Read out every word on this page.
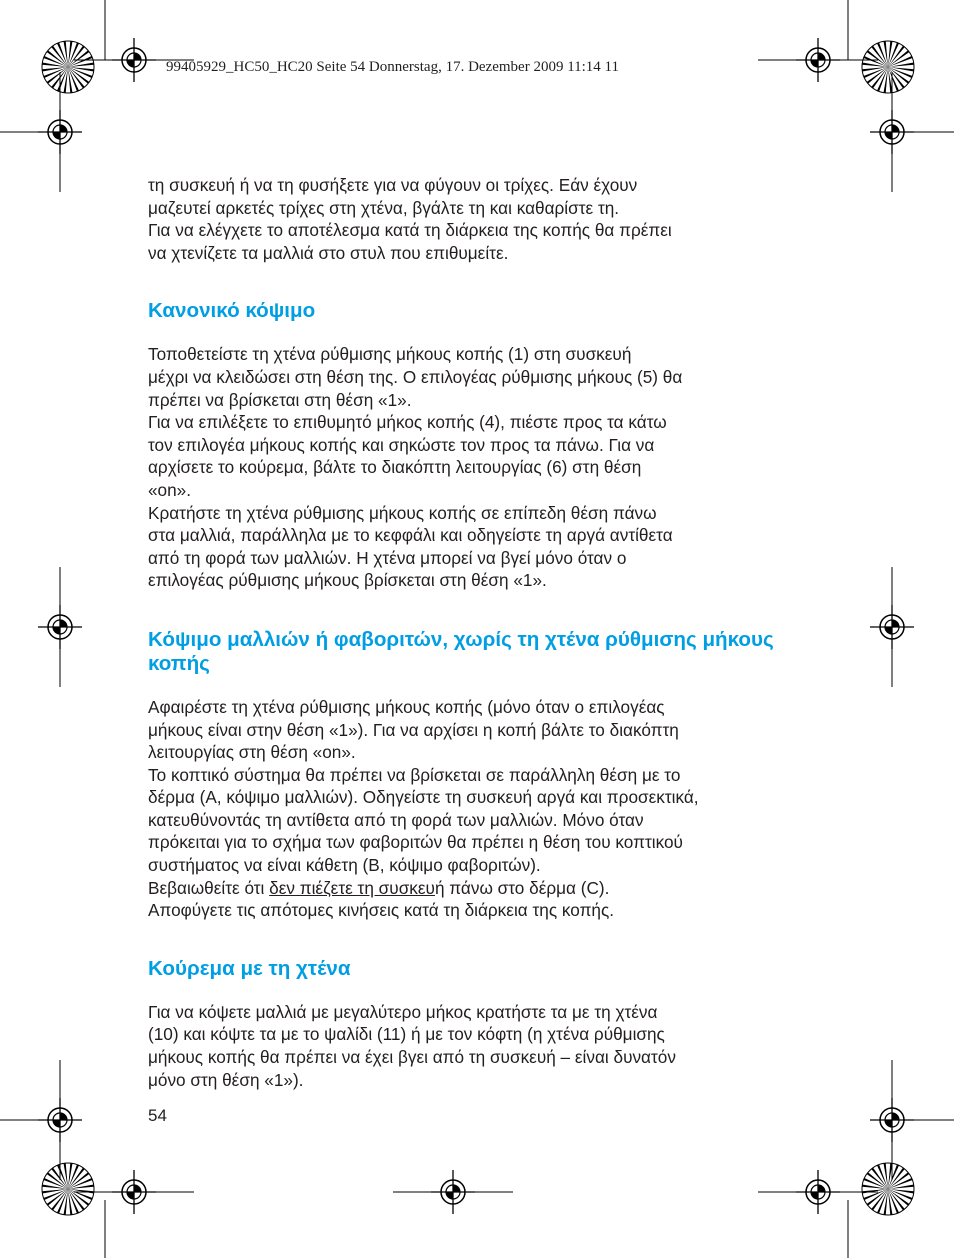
99405929_HC50_HC20 Seite 54 Donnerstag, 17. Dezember 2009 11:14 11

τη συσκευή ή να τη φυσήξετε για να φύγουν οι τρίχες. Εάν έχουν
μαζευτεί αρκετές τρίχες στη χτένα, βγάλτε τη και καθαρίστε τη.
Για να ελέγχετε το αποτέλεσμα κατά τη διάρκεια της κοπής θα πρέπει
να χτενίζετε τα μαλλιά στο στυλ που επιθυμείτε.

Κανονικό κόψιμο

Τοποθετείστε τη χτένα ρύθμισης μήκους κοπής (1) στη συσκευή
μέχρι να κλειδώσει στη θέση της. Ο επιλογέας ρύθμισης μήκους (5) θα
πρέπει να βρίσκεται στη θέση «1».
Για να επιλέξετε το επιθυμητό μήκος κοπής (4), πιέστε προς τα κάτω
τον επιλογέα μήκους κοπής και σηκώστε τον προς τα πάνω. Για να
αρχίσετε το κούρεμα, βάλτε το διακόπτη λειτουργίας (6) στη θέση
«on».
Κρατήστε τη χτένα ρύθμισης μήκους κοπής σε επίπεδη θέση πάνω
στα μαλλιά, παράλληλα με το κεφφάλι και οδηγείστε τη αργά αντίθετα
από τη φορά των μαλλιών. Η χτένα μπορεί να βγεί μόνο όταν ο
επιλογέας ρύθμισης μήκους βρίσκεται στη θέση «1».

Κόψιμο μαλλιών ή φαβοριτών, χωρίς τη χτένα ρύθμισης μήκους κοπής

Αφαιρέστε τη χτένα ρύθμισης μήκους κοπής (μόνο όταν ο επιλογέας
μήκους είναι στην θέση «1»). Για να αρχίσει η κοπή βάλτε το διακόπτη
λειτουργίας στη θέση «on».
Το κοπτικό σύστημα θα πρέπει να βρίσκεται σε παράλληλη θέση με το
δέρμα (A, κόψιμο μαλλιών). Οδηγείστε τη συσκευή αργά και προσεκτικά,
κατευθύνοντάς τη αντίθετα από τη φορά των μαλλιών. Μόνο όταν
πρόκειται για το σχήμα των φαβοριτών θα πρέπει η θέση του κοπτικού
συστήματος να είναι κάθετη (B, κόψιμο φαβοριτών).
Βεβαιωθείτε ότι δεν πιέζετε τη συσκευή πάνω στο δέρμα (C).
Αποφύγετε τις απότομες κινήσεις κατά τη διάρκεια της κοπής.

Κούρεμα με τη χτένα

Για να κόψετε μαλλιά με μεγαλύτερο μήκος κρατήστε τα με τη χτένα
(10) και κόψτε τα με το ψαλίδι (11) ή με τον κόφτη (η χτένα ρύθμισης
μήκους κοπής θα πρέπει να έχει βγει από τη συσκευή – είναι δυνατόν
μόνο στη θέση «1»).

54
